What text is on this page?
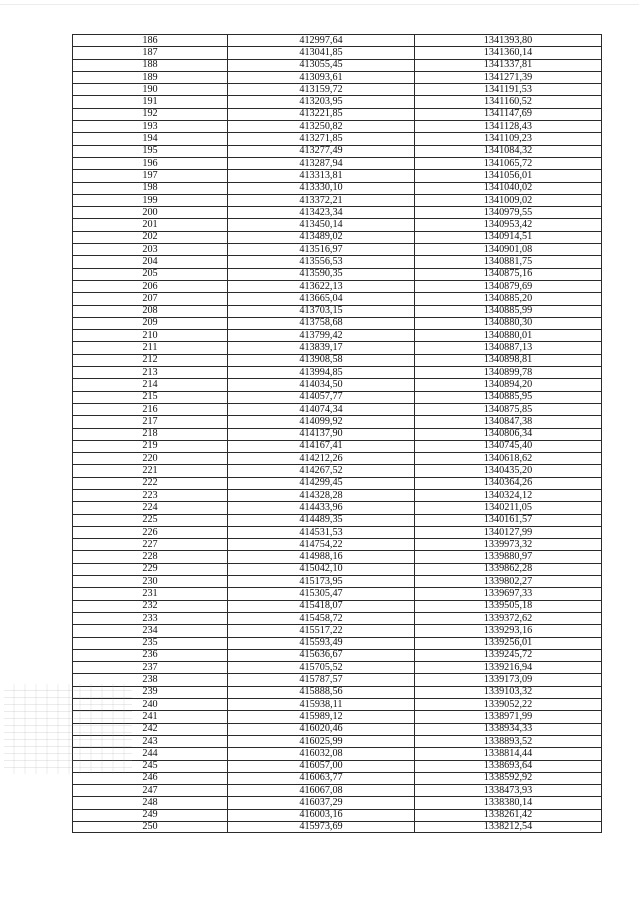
186	412997,64	1341393,80
187	413041,85	1341360,14
188	413055,45	1341337,81
189	413093,61	1341271,39
190	413159,72	1341191,53
191	413203,95	1341160,52
192	413221,85	1341147,69
193	413250,82	1341128,43
194	413271,85	1341109,23
195	413277,49	1341084,32
196	413287,94	1341065,72
197	413313,81	1341056,01
198	413330,10	1341040,02
199	413372,21	1341009,02
200	413423,34	1340979,55
201	413450,14	1340953,42
202	413489,02	1340914,51
203	413516,97	1340901,08
204	413556,53	1340881,75
205	413590,35	1340875,16
206	413622,13	1340879,69
207	413665,04	1340885,20
208	413703,15	1340885,99
209	413758,68	1340880,30
210	413799,42	1340880,01
211	413839,17	1340887,13
212	413908,58	1340898,81
213	413994,85	1340899,78
214	414034,50	1340894,20
215	414057,77	1340885,95
216	414074,34	1340875,85
217	414099,92	1340847,38
218	414137,90	1340806,34
219	414167,41	1340745,40
220	414212,26	1340618,62
221	414267,52	1340435,20
222	414299,45	1340364,26
223	414328,28	1340324,12
224	414433,96	1340211,05
225	414489,35	1340161,57
226	414531,53	1340127,99
227	414754,22	1339973,32
228	414988,16	1339880,97
229	415042,10	1339862,28
230	415173,95	1339802,27
231	415305,47	1339697,33
232	415418,07	1339505,18
233	415458,72	1339372,62
234	415517,22	1339293,16
235	415593,49	1339256,01
236	415636,67	1339245,72
237	415705,52	1339216,94
238	415787,57	1339173,09
239	415888,56	1339103,32
240	415938,11	1339052,22
241	415989,12	1338971,99
242	416020,46	1338934,33
243	416025,99	1338893,52
244	416032,08	1338814,44
245	416057,00	1338693,64
246	416063,77	1338592,92
247	416067,08	1338473,93
248	416037,29	1338380,14
249	416003,16	1338261,42
250	415973,69	1338212,54
